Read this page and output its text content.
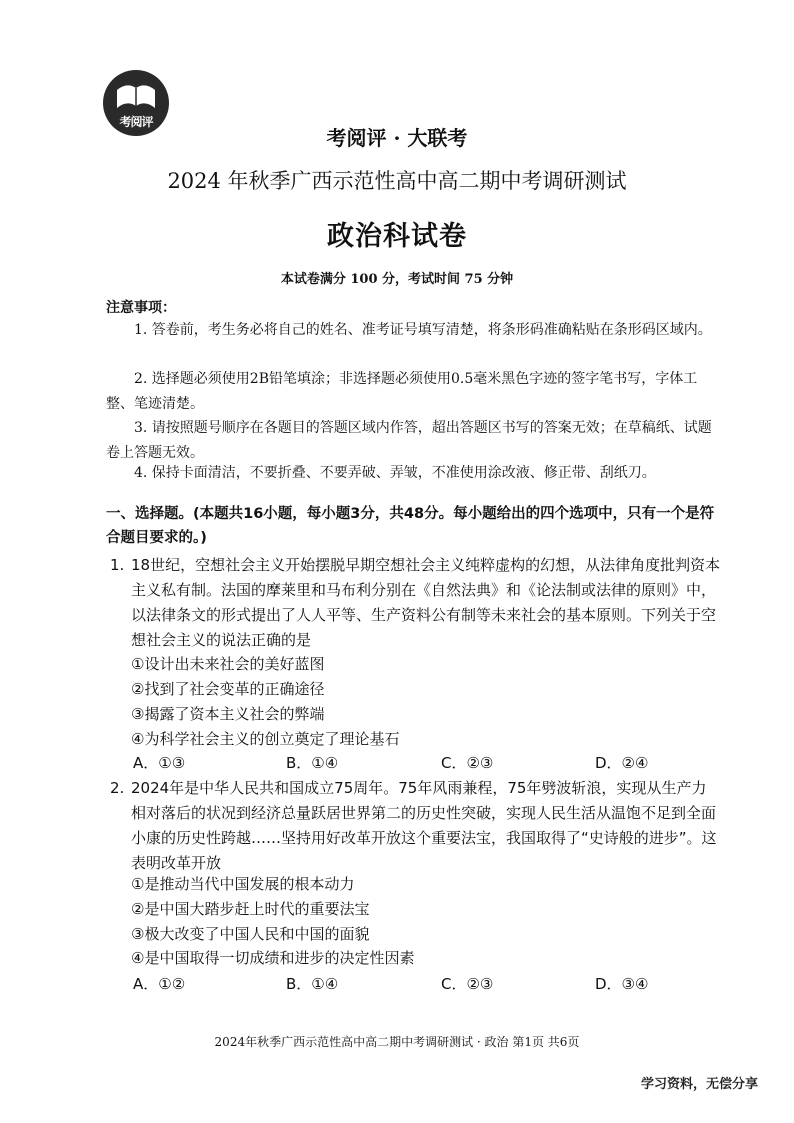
考阅评
考阅评 · 大联考
2024 年秋季广西示范性高中高二期中考调研测试
政治科试卷
本试卷满分 100 分，考试时间 75 分钟
注意事项：
1. 答卷前，考生务必将自己的姓名、准考证号填写清楚，将条形码准确粘贴在条形码区域内。
2. 选择题必须使用2B铅笔填涂；非选择题必须使用0.5毫米黑色字迹的签字笔书写，字体工整、笔迹清楚。
3. 请按照题号顺序在各题目的答题区域内作答，超出答题区书写的答案无效；在草稿纸、试题卷上答题无效。
4. 保持卡面清洁，不要折叠、不要弄破、弄皱，不准使用涂改液、修正带、刮纸刀。
一、选择题。(本题共16小题，每小题3分，共48分。每小题给出的四个选项中，只有一个是符合题目要求的。)
1. 18世纪，空想社会主义开始摆脱早期空想社会主义纯粹虚构的幻想，从法律角度批判资本主义私有制。法国的摩莱里和马布利分别在《自然法典》和《论法制或法律的原则》中，以法律条文的形式提出了人人平等、生产资料公有制等未来社会的基本原则。下列关于空想社会主义的说法正确的是
①设计出未来社会的美好蓝图
②找到了社会变革的正确途径
③揭露了资本主义社会的弊端
④为科学社会主义的创立奠定了理论基石
A．①③	B．①④	C．②③	D．②④
2. 2024年是中华人民共和国成立75周年。75年风雨兼程，75年劈波斩浪，实现从生产力相对落后的状况到经济总量跃居世界第二的历史性突破，实现人民生活从温饱不足到全面小康的历史性跨越……坚持用好改革开放这个重要法宝，我国取得了“史诗般的进步”。这表明改革开放
①是推动当代中国发展的根本动力
②是中国大踏步赶上时代的重要法宝
③极大改变了中国人民和中国的面貌
④是中国取得一切成绩和进步的决定性因素
A．①②	B．①④	C．②③	D．③④
2024年秋季广西示范性高中高二期中考调研测试 · 政治 第1页 共6页
学习资料，无偿分享
